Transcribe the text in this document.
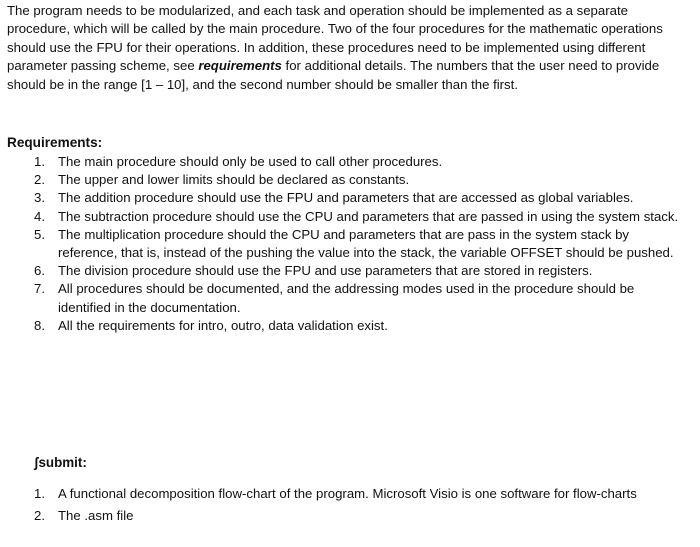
The program needs to be modularized, and each task and operation should be implemented as a separate procedure, which will be called by the main procedure. Two of the four procedures for the mathematic operations should use the FPU for their operations. In addition, these procedures need to be implemented using different parameter passing scheme, see requirements for additional details. The numbers that the user need to provide should be in the range [1 – 10], and the second number should be smaller than the first.

Requirements:
1. The main procedure should only be used to call other procedures.
2. The upper and lower limits should be declared as constants.
3. The addition procedure should use the FPU and parameters that are accessed as global variables.
4. The subtraction procedure should use the CPU and parameters that are passed in using the system stack.
5. The multiplication procedure should the CPU and parameters that are pass in the system stack by reference, that is, instead of the pushing the value into the stack, the variable OFFSET should be pushed.
6. The division procedure should use the FPU and use parameters that are stored in registers.
7. All procedures should be documented, and the addressing modes used in the procedure should be identified in the documentation.
8. All the requirements for intro, outro, data validation exist.
ʃsubmit:
1. A functional decomposition flow-chart of the program. Microsoft Visio is one software for flow-charts
2. The .asm file
